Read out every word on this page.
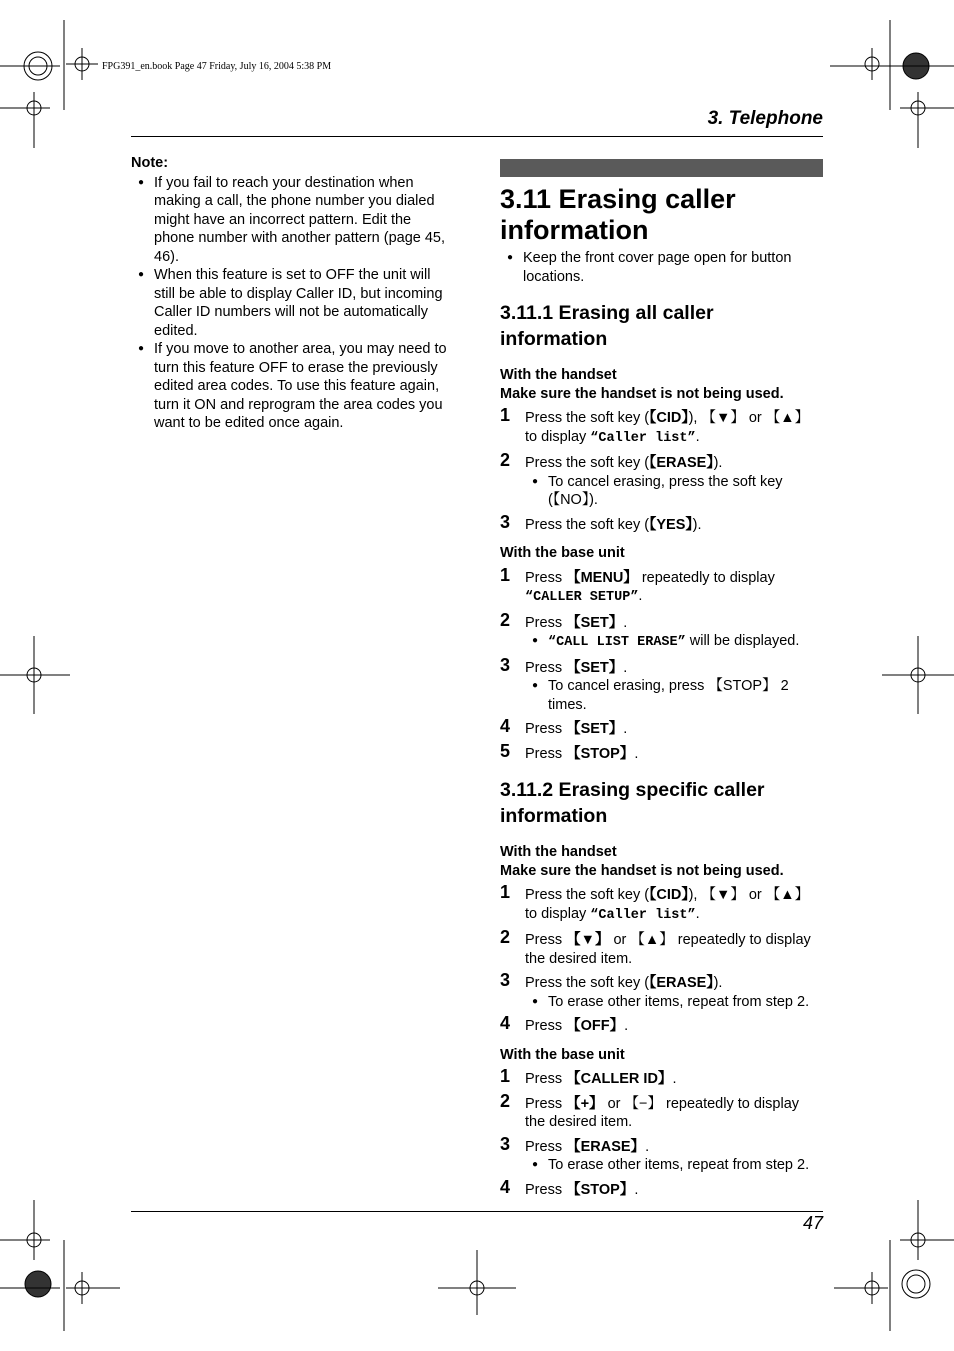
FPG391_en.book Page 47 Friday, July 16, 2004 5:38 PM
3. Telephone
Note:
● If you fail to reach your destination when making a call, the phone number you dialed might have an incorrect pattern. Edit the phone number with another pattern (page 45, 46).
● When this feature is set to OFF the unit will still be able to display Caller ID, but incoming Caller ID numbers will not be automatically edited.
● If you move to another area, you may need to turn this feature OFF to erase the previously edited area codes. To use this feature again, turn it ON and reprogram the area codes you want to be edited once again.
3.11 Erasing caller information
● Keep the front cover page open for button locations.
3.11.1 Erasing all caller information
With the handset
Make sure the handset is not being used.
1 Press the soft key (【CID】), 【▼】 or 【▲】 to display “Caller list”.
2 Press the soft key (【ERASE】).
● To cancel erasing, press the soft key (【NO】).
3 Press the soft key (【YES】).
With the base unit
1 Press 【MENU】 repeatedly to display “CALLER SETUP”.
2 Press 【SET】.
● “CALL LIST ERASE” will be displayed.
3 Press 【SET】.
● To cancel erasing, press 【STOP】 2 times.
4 Press 【SET】.
5 Press 【STOP】.
3.11.2 Erasing specific caller information
With the handset
Make sure the handset is not being used.
1 Press the soft key (【CID】), 【▼】 or 【▲】 to display “Caller list”.
2 Press 【▼】 or 【▲】 repeatedly to display the desired item.
3 Press the soft key (【ERASE】).
● To erase other items, repeat from step 2.
4 Press 【OFF】.
With the base unit
1 Press 【CALLER ID】.
2 Press 【+】 or 【−】 repeatedly to display the desired item.
3 Press 【ERASE】.
● To erase other items, repeat from step 2.
4 Press 【STOP】.
47
